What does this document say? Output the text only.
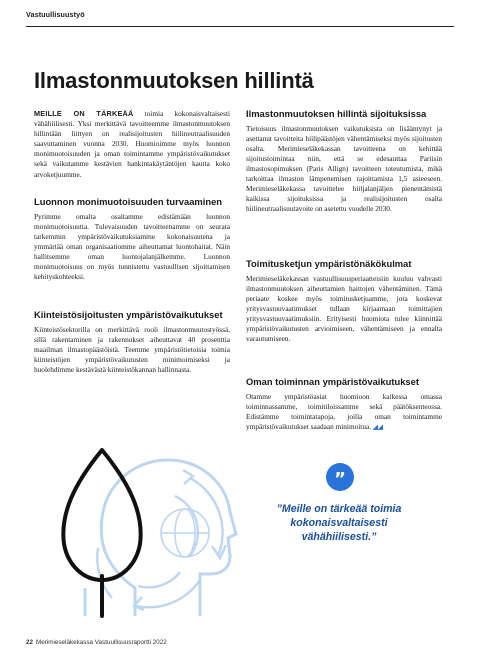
Vastuullisuustyö
Ilmastonmuutoksen hillintä

MEILLE ON TÄRKEÄÄ toimia kokonaisvaltaisesti vähähiilisesti. Yksi merkittävä tavoitteemme ilmastonmuutoksen hillintään liittyen on realisijoitusten hiilineutraalisuuden saavuttaminen vuonna 2030. Huomioimme myös luonnon monimuotoisuuden ja oman toimintamme ympäristövaikutukset sekä vaikutamme kestävien hankintakäytäntöjen kautta koko arvoketjuumme.

Luonnon monimuotoisuuden turvaaminen

Pyrimme omalta osaltamme edistämään luonnon monimuotoisuutta. Tulevaisuuden tavoitteenamme on seurata tarkemmin ympäristövaikutuksiamme kokonaisuutena ja ymmärtää oman organisaatiomme aiheuttamat luontohaitat. Näin hallitsemme oman luontojalanjälkemme. Luonnon monimuotoisuus on myös tunnistettu vastuullisen sijoittamisen kehityskohteeksi.

Kiinteistösijoitusten ympäristövaikutukset

Kiinteistösektorilla on merkittävä rooli ilmastonmuutostyössä, sillä rakentaminen ja rakennukset aiheuttavat 40 prosenttia maailman ilmastopäästöistä. Teemme ympäristötietoisia toimia kiinteistöjen ympäristövaikutusten minimoimiseksi ja huolehdimme kestävästä kiinteistökannan hallinnasta.

Ilmastonmuutoksen hillintä sijoituksissa

Tietoisuus ilmastonmuutoksen vaikutuksista on lisääntynyt ja asettanut tavoitteita hiilipäästöjen vähentämiseksi myös sijoitusten osalta. Merimieseläkekassan tavoitteena on kehittää sijoitustoimintaa niin, että se edesauttaa Pariisin ilmastosopimuksen (Paris Allign) tavoitteen toteutumista, mikä tarkoittaa ilmaston lämpenemisen rajoittamista 1,5 asteeseen. Merimieseläkekassa tavoittelee hiiljalanjäljen pienentämistä kaikissa sijoituksissa ja realisijoitusten osalta hiilineutraalisuutavoite on asetettu vuodelle 2030.

Toimitusketjun ympäristönäkökulmat

Merimieseläkekassan vastuullisuusperiaatteisiin kuuluu vahvasti ilmastonmuutoksen aiheuttamien haittojen vähentäminen. Tämä periaate koskee myös toimitusketjuamme, jota koskevat yritysvastuuvaatimukset tullaan kirjaamaan toimittajien yritysvastuuvaatimuksiin. Erityisesti huomiota tulee kiinnittää ympäristövaikutusten arvioimiseen, vähentämiseen ja ennalta varautumiseen.

Oman toiminnan ympäristövaikutukset

Otamme ympäristöasiat huomioon kaikessa omassa toiminnassamme, toimitiloissamme sekä päätöksenteossa. Edistämme toimintatapoja, joilla oman toimintamme ympäristövaikutukset saadaan minimoitua. ◢◢

”
”Meille on tärkeää toimia kokonaisvaltaisesti vähähiilisesti.”
22 Merimieseläkekassa Vastuullisuusraportti 2022
